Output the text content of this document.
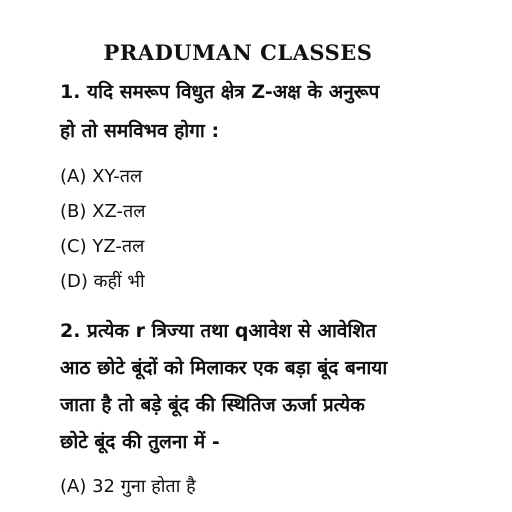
PRADUMAN CLASSES
1. यदि समरूप विधुत क्षेत्र Z-अक्ष के अनुरूप
हो तो समविभव होगा :
(A) XY-तल
(B) XZ-तल
(C) YZ-तल
(D) कहीं भी
2. प्रत्येक r त्रिज्या तथा qआवेश से आवेशित
आठ छोटे बूंदों को मिलाकर एक बड़ा बूंद बनाया
जाता है तो बड़े बूंद की स्थितिज ऊर्जा प्रत्येक
छोटे बूंद की तुलना में -
(A) 32 गुना होता है
